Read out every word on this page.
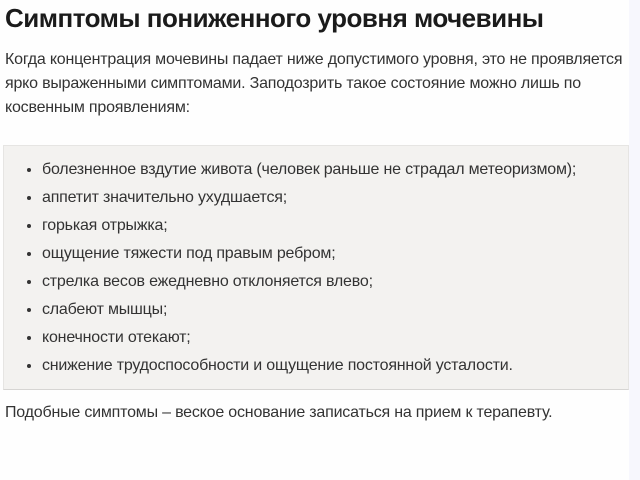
Симптомы пониженного уровня мочевины

Когда концентрация мочевины падает ниже допустимого уровня, это не проявляется ярко выраженными симптомами. Заподозрить такое состояние можно лишь по косвенным проявлениям:

• болезненное вздутие живота (человек раньше не страдал метеоризмом);
• аппетит значительно ухудшается;
• горькая отрыжка;
• ощущение тяжести под правым ребром;
• стрелка весов ежедневно отклоняется влево;
• слабеют мышцы;
• конечности отекают;
• снижение трудоспособности и ощущение постоянной усталости.

Подобные симптомы – веское основание записаться на прием к терапевту.
